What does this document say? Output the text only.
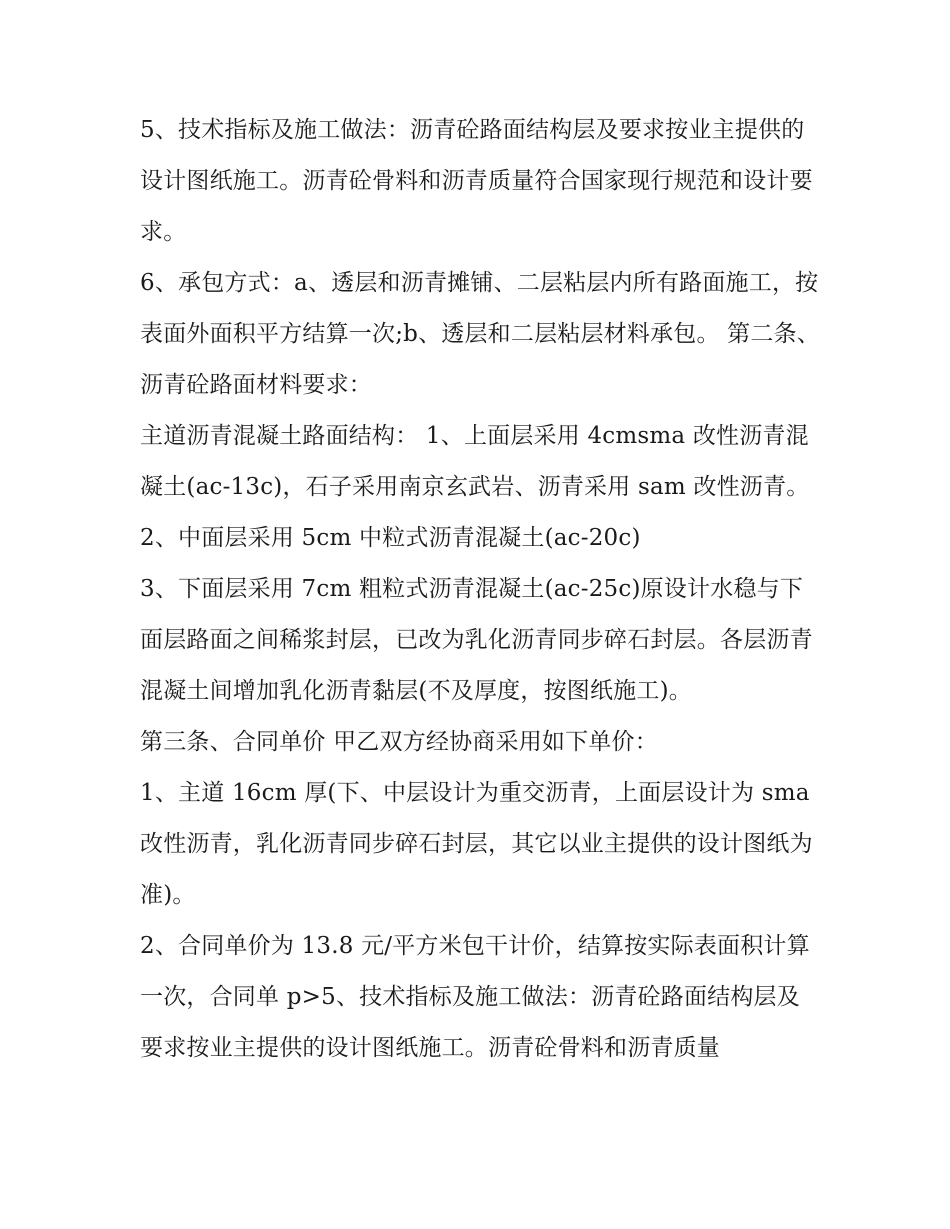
5、技术指标及施工做法：沥青砼路面结构层及要求按业主提供的设计图纸施工。沥青砼骨料和沥青质量符合国家现行规范和设计要求。

6、承包方式：a、透层和沥青摊铺、二层粘层内所有路面施工，按表面外面积平方结算一次;b、透层和二层粘层材料承包。 第二条、沥青砼路面材料要求：

主道沥青混凝土路面结构： 1、上面层采用 4cmsma 改性沥青混凝土(ac-13c)，石子采用南京玄武岩、沥青采用 sam 改性沥青。

2、中面层采用 5cm 中粒式沥青混凝土(ac-20c)

3、下面层采用 7cm 粗粒式沥青混凝土(ac-25c)原设计水稳与下面层路面之间稀浆封层，已改为乳化沥青同步碎石封层。各层沥青混凝土间增加乳化沥青黏层(不及厚度，按图纸施工)。

第三条、合同单价 甲乙双方经协商采用如下单价：

1、主道 16cm 厚(下、中层设计为重交沥青，上面层设计为 sma 改性沥青，乳化沥青同步碎石封层，其它以业主提供的设计图纸为准)。

2、合同单价为 13.8 元/平方米包干计价，结算按实际表面积计算一次，合同单 p>5、技术指标及施工做法：沥青砼路面结构层及要求按业主提供的设计图纸施工。沥青砼骨料和沥青质量
